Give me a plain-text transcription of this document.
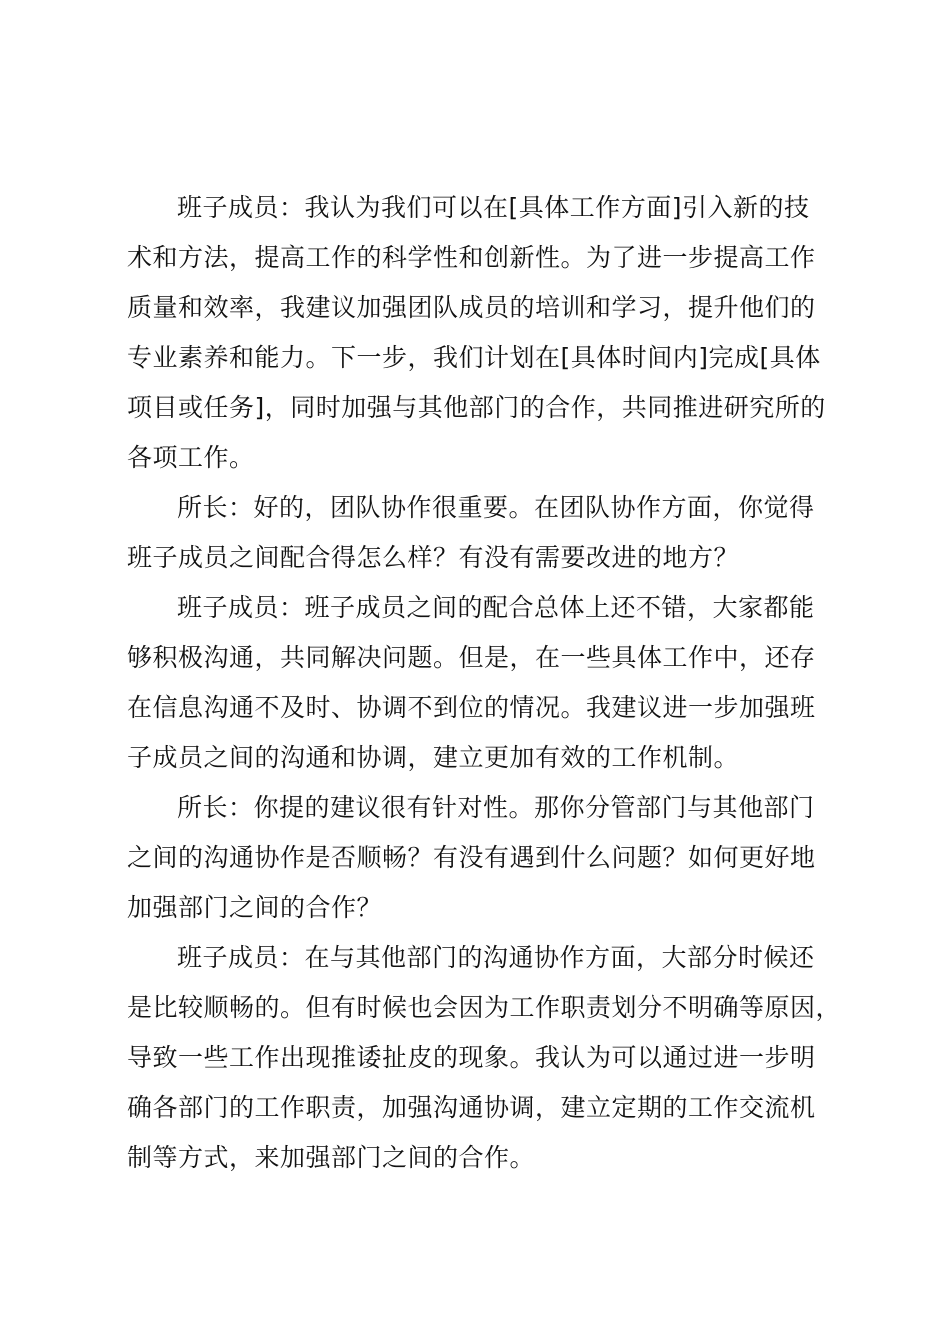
班子成员：我认为我们可以在[具体工作方面]引入新的技
术和方法，提高工作的科学性和创新性。为了进一步提高工作
质量和效率，我建议加强团队成员的培训和学习，提升他们的
专业素养和能力。下一步，我们计划在[具体时间内]完成[具体
项目或任务]，同时加强与其他部门的合作，共同推进研究所的
各项工作。
所长：好的，团队协作很重要。在团队协作方面，你觉得
班子成员之间配合得怎么样？有没有需要改进的地方？
班子成员：班子成员之间的配合总体上还不错，大家都能
够积极沟通，共同解决问题。但是，在一些具体工作中，还存
在信息沟通不及时、协调不到位的情况。我建议进一步加强班
子成员之间的沟通和协调，建立更加有效的工作机制。
所长：你提的建议很有针对性。那你分管部门与其他部门
之间的沟通协作是否顺畅？有没有遇到什么问题？如何更好地
加强部门之间的合作？
班子成员：在与其他部门的沟通协作方面，大部分时候还
是比较顺畅的。但有时候也会因为工作职责划分不明确等原因，
导致一些工作出现推诿扯皮的现象。我认为可以通过进一步明
确各部门的工作职责，加强沟通协调，建立定期的工作交流机
制等方式，来加强部门之间的合作。
